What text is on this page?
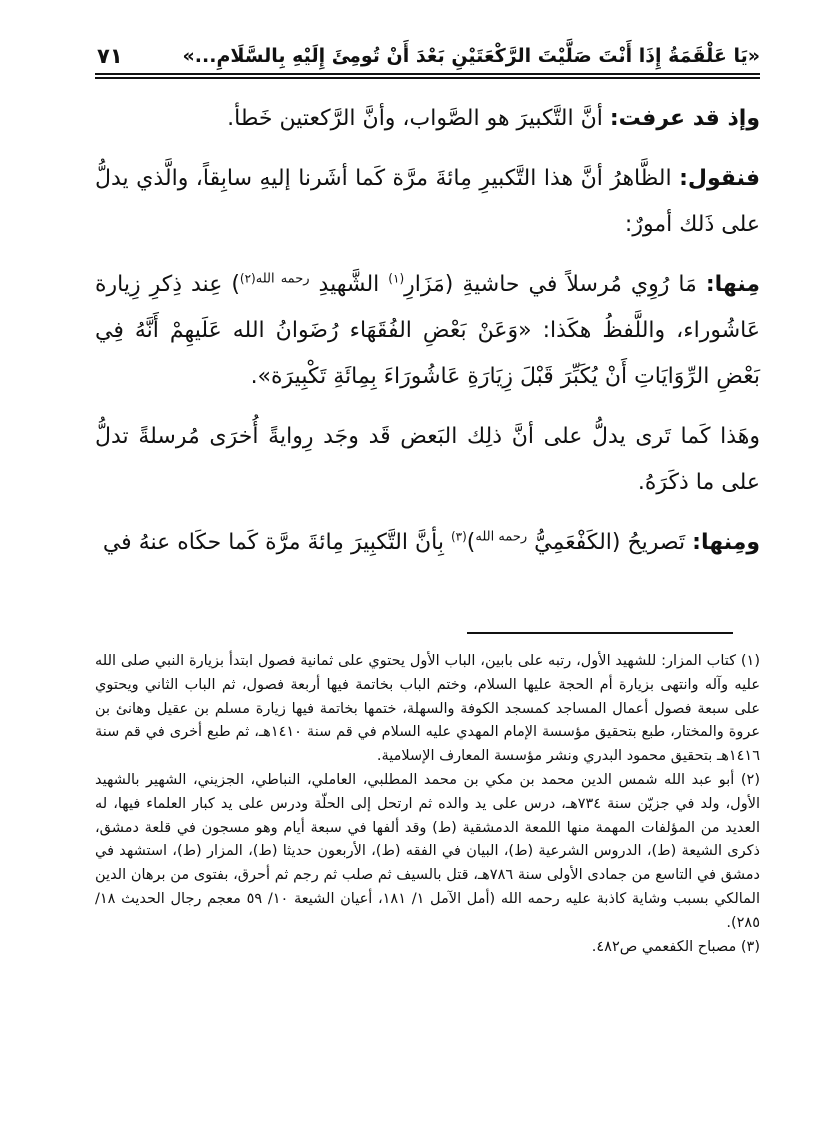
«يَا عَلْقَمَةُ إِذَا أَنْتَ صَلَّيْتَ الرَّكْعَتَيْنِ بَعْدَ أَنْ تُومِئَ إِلَيْهِ بِالسَّلَامِ...»
٧١

وإذ قد عرفت: أنَّ التَّكبيرَ هو الصَّواب، وأنَّ الرَّكعتين خَطأ.

فنقول: الظَّاهرُ أنَّ هذا التَّكبيرِ مِائةَ مرَّة كَما أشَرنا إليهِ سابِقاً، والَّذي يدلُّ على ذَلك أمورٌ:

مِنها: مَا رُوِي مُرسلاً في حاشيةِ (مَزَارِ$^{(١)}$ الشَّهيدِ $^{رحمه الله(٢)}$) عِند ذِكرِ زِيارة عَاشُوراء، واللَّفظُ هكَذا: «وَعَنْ بَعْضِ الفُقَهَاء رُضَوانُ الله عَلَيهِمْ أَنَّهُ فِي بَعْضِ الرِّوَايَاتِ أَنْ يُكَبِّرَ قَبْلَ زِيَارَةِ عَاشُورَاءَ بِمِائَةِ تَكْبِيرَة».

وهَذا كَما تَرى يدلُّ على أنَّ ذلِك البَعض قَد وجَد رِوايةً أُخرَى مُرسلةً تدلُّ على ما ذكَرَهُ.

ومِنها: تَصريحُ (الكَفْعَمِيُّ $^{رحمه الله}$)$^{(٣)}$ بِأنَّ التَّكبِيرَ مِائةَ مرَّة كَما حكَاه عنهُ في

(١) كتاب المزار: للشهيد الأول، رتبه على بابين، الباب الأول يحتوي على ثمانية فصول ابتدأ بزيارة النبي صلى الله عليه وآله وانتهى بزيارة أم الحجة عليها السلام، وختم الباب بخاتمة فيها أربعة فصول، ثم الباب الثاني ويحتوي على سبعة فصول أعمال المساجد كمسجد الكوفة والسهلة، ختمها بخاتمة فيها زيارة مسلم بن عقيل وهانئ بن عروة والمختار، طبع بتحقيق مؤسسة الإمام المهدي عليه السلام في قم سنة ١٤١٠هـ، ثم طبع أخرى في قم سنة ١٤١٦هـ بتحقيق محمود البدري ونشر مؤسسة المعارف الإسلامية.

(٢) أبو عبد الله شمس الدين محمد بن مكي بن محمد المطلبي، العاملي، النباطي، الجزيني، الشهير بالشهيد الأول، ولد في جزيّن سنة ٧٣٤هـ، درس على يد والده ثم ارتحل إلى الحلّة ودرس على يد كبار العلماء فيها، له العديد من المؤلفات المهمة منها اللمعة الدمشقية (ط) وقد ألفها في سبعة أيام وهو مسجون في قلعة دمشق، ذكرى الشيعة (ط)، الدروس الشرعية (ط)، البيان في الفقه (ط)، الأربعون حديثا (ط)، المزار (ط)، استشهد في دمشق في التاسع من جمادى الأولى سنة ٧٨٦هـ، قتل بالسيف ثم صلب ثم رجم ثم أحرق، بفتوى من برهان الدين المالكي بسبب وشاية كاذبة عليه رحمه الله (أمل الآمل ١/ ١٨١، أعيان الشيعة ١٠/ ٥٩ معجم رجال الحديث ١٨/ ٢٨٥).

(٣) مصباح الكفعمي ص٤٨٢.
